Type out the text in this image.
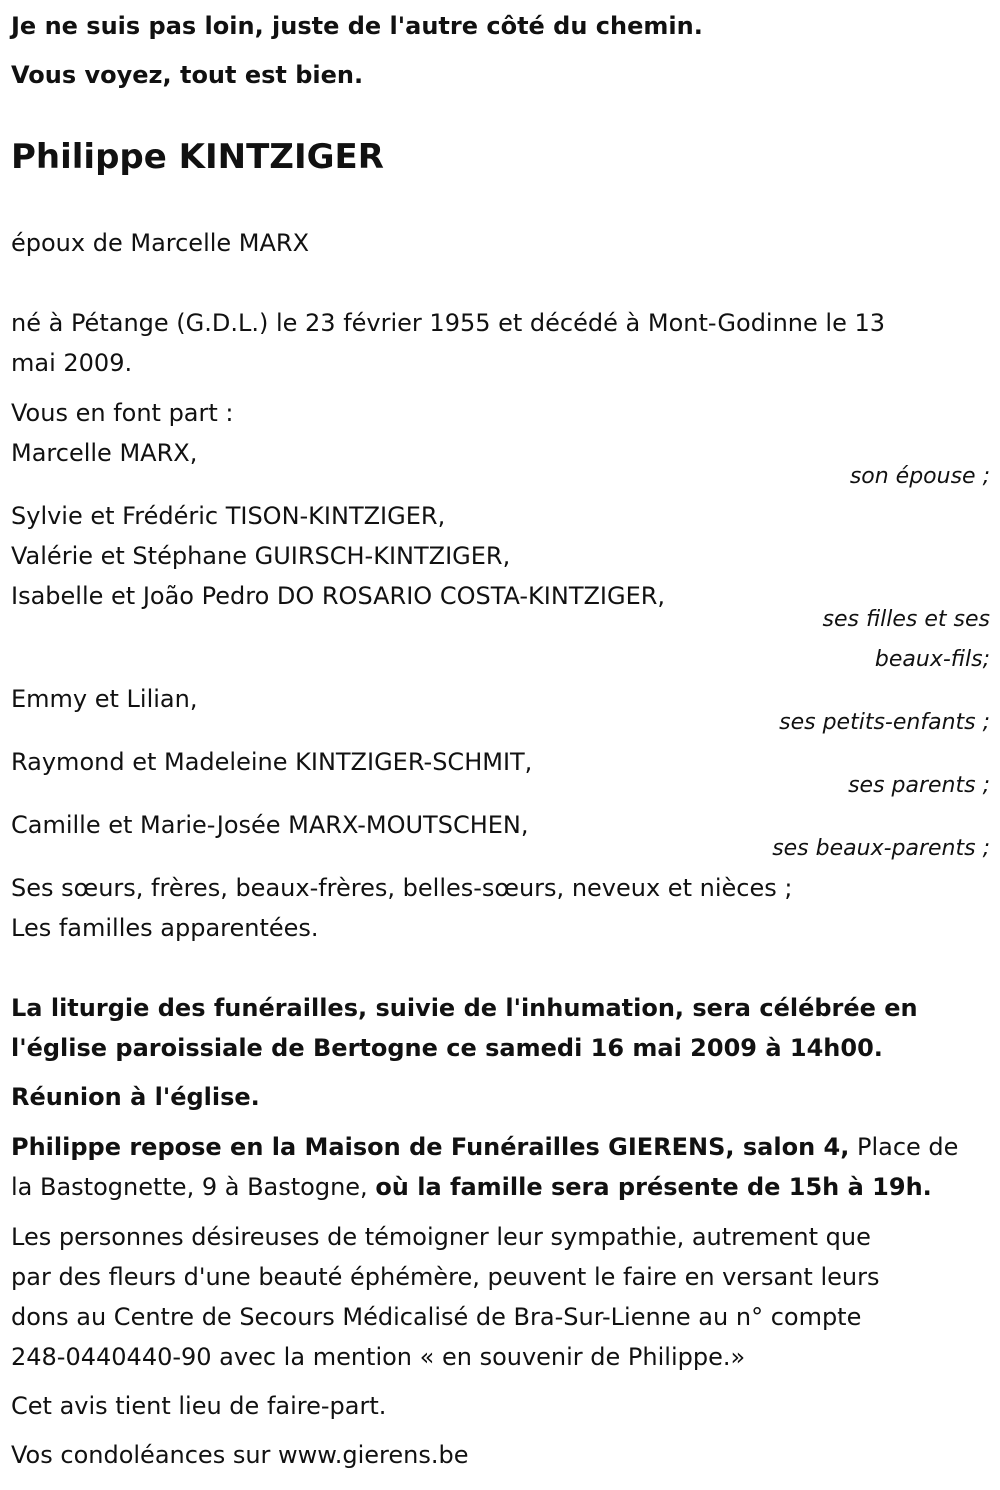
Je ne suis pas loin, juste de l'autre côté du chemin.
Vous voyez, tout est bien.
Philippe KINTZIGER
époux de Marcelle MARX
né à Pétange (G.D.L.) le 23 février 1955 et décédé à Mont-Godinne le 13
mai 2009.
Vous en font part :
Marcelle MARX,
son épouse ;
Sylvie et Frédéric TISON-KINTZIGER,
Valérie et Stéphane GUIRSCH-KINTZIGER,
Isabelle et João Pedro DO ROSARIO COSTA-KINTZIGER,
ses filles et ses
beaux-fils;
Emmy et Lilian,
ses petits-enfants ;
Raymond et Madeleine KINTZIGER-SCHMIT,
ses parents ;
Camille et Marie-Josée MARX-MOUTSCHEN,
ses beaux-parents ;
Ses sœurs, frères, beaux-frères, belles-sœurs, neveux et nièces ;
Les familles apparentées.
La liturgie des funérailles, suivie de l'inhumation, sera célébrée en
l'église paroissiale de Bertogne ce samedi 16 mai 2009 à 14h00.
Réunion à l'église.
Philippe repose en la Maison de Funérailles GIERENS, salon 4, Place de
la Bastognette, 9 à Bastogne, où la famille sera présente de 15h à 19h.
Les personnes désireuses de témoigner leur sympathie, autrement que
par des fleurs d'une beauté éphémère, peuvent le faire en versant leurs
dons au Centre de Secours Médicalisé de Bra-Sur-Lienne au n° compte
248-0440440-90 avec la mention « en souvenir de Philippe.»
Cet avis tient lieu de faire-part.
Vos condoléances sur www.gierens.be
